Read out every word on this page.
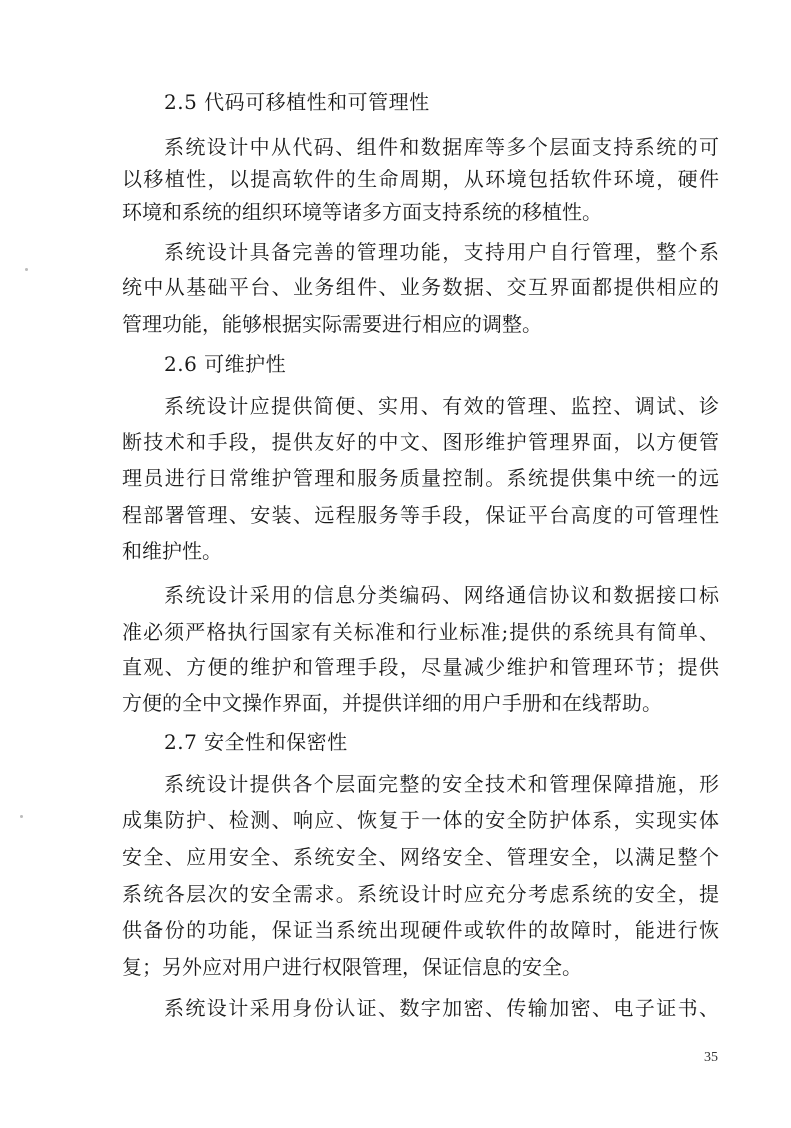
2.5 代码可移植性和可管理性
系统设计中从代码、组件和数据库等多个层面支持系统的可
以移植性，以提高软件的生命周期，从环境包括软件环境，硬件
环境和系统的组织环境等诸多方面支持系统的移植性。
系统设计具备完善的管理功能，支持用户自行管理，整个系
统中从基础平台、业务组件、业务数据、交互界面都提供相应的
管理功能，能够根据实际需要进行相应的调整。
2.6 可维护性
系统设计应提供简便、实用、有效的管理、监控、调试、诊
断技术和手段，提供友好的中文、图形维护管理界面，以方便管
理员进行日常维护管理和服务质量控制。系统提供集中统一的远
程部署管理、安装、远程服务等手段，保证平台高度的可管理性
和维护性。
系统设计采用的信息分类编码、网络通信协议和数据接口标
准必须严格执行国家有关标准和行业标准;提供的系统具有简单、
直观、方便的维护和管理手段，尽量减少维护和管理环节；提供
方便的全中文操作界面，并提供详细的用户手册和在线帮助。
2.7 安全性和保密性
系统设计提供各个层面完整的安全技术和管理保障措施，形
成集防护、检测、响应、恢复于一体的安全防护体系，实现实体
安全、应用安全、系统安全、网络安全、管理安全，以满足整个
系统各层次的安全需求。系统设计时应充分考虑系统的安全，提
供备份的功能，保证当系统出现硬件或软件的故障时，能进行恢
复；另外应对用户进行权限管理，保证信息的安全。
系统设计采用身份认证、数字加密、传输加密、电子证书、
35
